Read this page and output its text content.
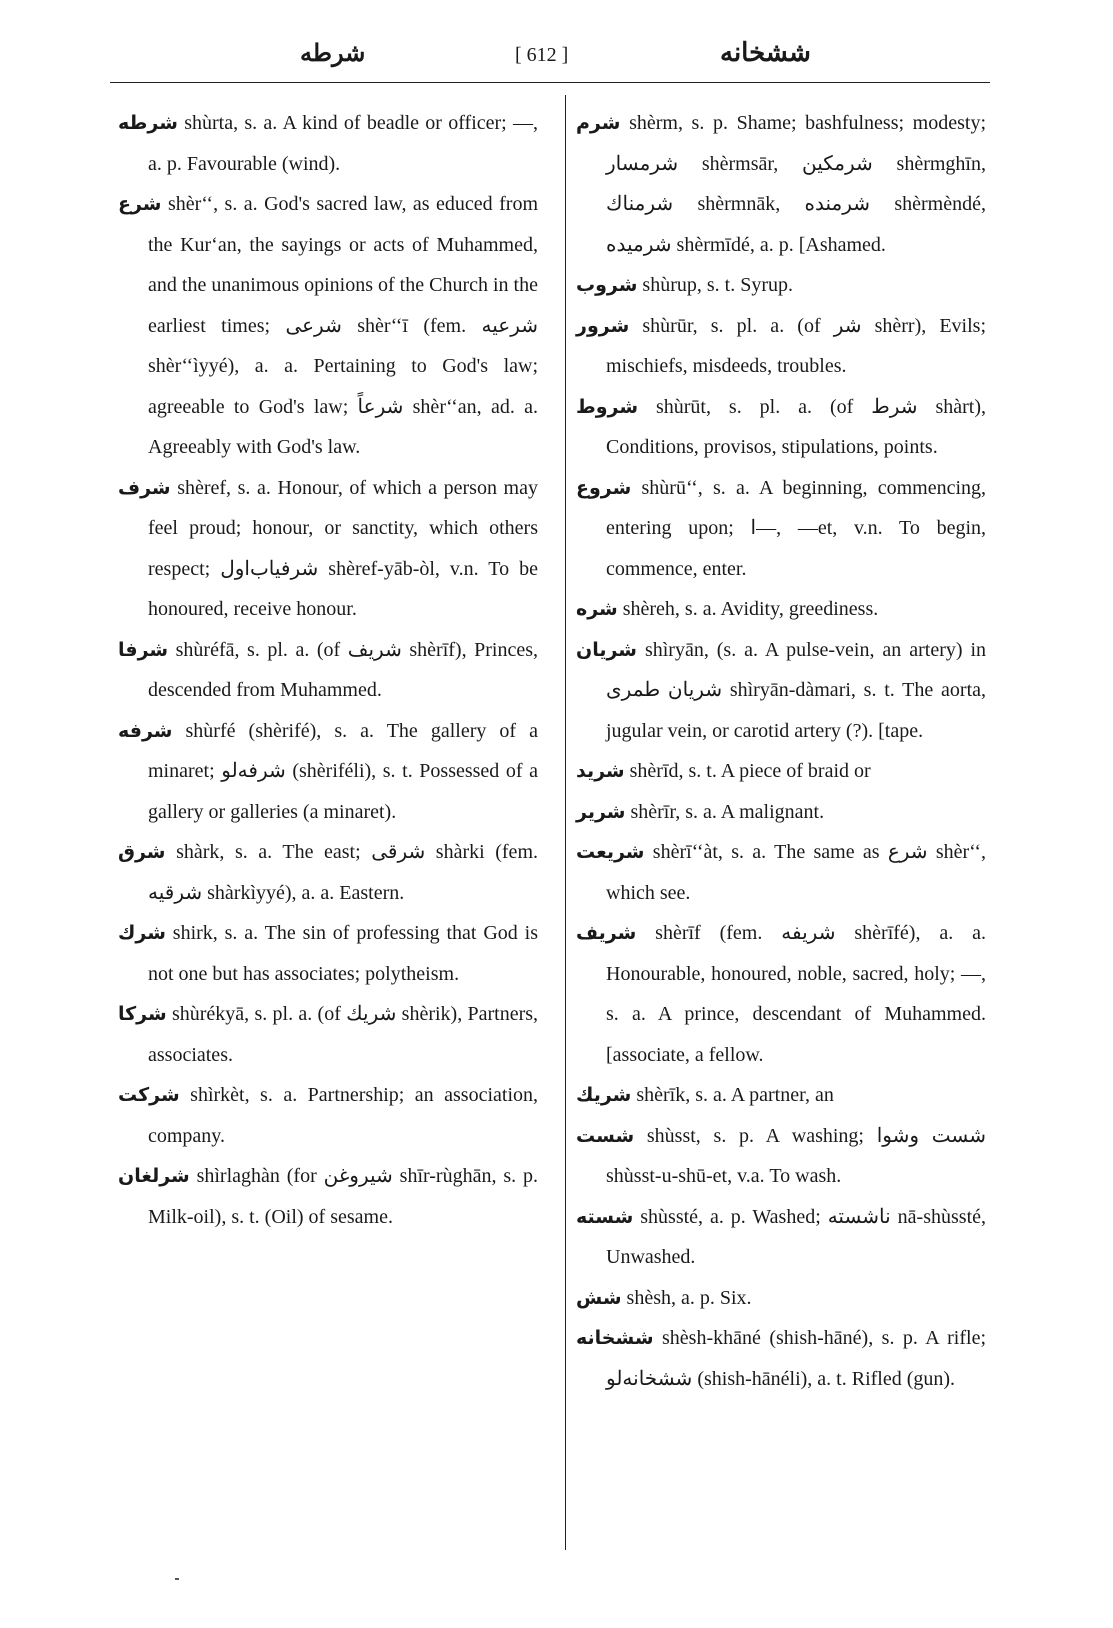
شرطه	[ 612 ]	ششخانه

شرطه shùrta, s. a. A kind of beadle or officer; —, a. p. Favourable (wind).

شرع shèr‘‘, s. a. God's sacred law, as educed from the Kur‘an, the sayings or acts of Muhammed, and the unanimous opinions of the Church in the earliest times; شرعى shèr‘‘ī (fem. شرعيه shèr‘‘ìyyé), a. a. Pertaining to God's law; agreeable to God's law; شرعاً shèr‘‘an, ad. a. Agreeably with God's law.

شرف shèref, s. a. Honour, of which a person may feel proud; honour, or sanctity, which others respect; شرفياب‌اول shèref-yāb-òl, v.n. To be honoured, receive honour.

شرفا shùréfā, s. pl. a. (of شريف shèrīf), Princes, descended from Muhammed.

شرفه shùrfé (shèrifé), s. a. The gallery of a minaret; شرفه‌لو (shèriféli), s. t. Possessed of a gallery or galleries (a minaret).

شرق shàrk, s. a. The east; شرقى shàrki (fem. شرقيه shàrkìyyé), a. a. Eastern.

شرك shirk, s. a. The sin of professing that God is not one but has associates; polytheism.

شركا shùrékyā, s. pl. a. (of شريك shèrik), Partners, associates.

شركت shìrkèt, s. a. Partnership; an association, company.

شرلغان shìrlaghàn (for شيروغن shīr-rùghān, s. p. Milk-oil), s. t. (Oil) of sesame.

شرم shèrm, s. p. Shame; bashfulness; modesty; شرمسار shèrmsār, شرمكين shèrmghīn, شرمناك shèrmnāk, شرمنده shèrmèndé, شرميده shèrmīdé, a. p. [Ashamed.

شروب shùrup, s. t. Syrup.

شرور shùrūr, s. pl. a. (of شر shèrr), Evils; mischiefs, misdeeds, troubles.

شروط shùrūt, s. pl. a. (of شرط shàrt), Conditions, provisos, stipulations, points.

شروع shùrū‘‘, s. a. A beginning, commencing, entering upon; ا—, —et, v.n. To begin, commence, enter.

شره shèreh, s. a. Avidity, greediness.

شريان shìryān, (s. a. A pulse-vein, an artery) in شريان طمرى shìryān-dàmari, s. t. The aorta, jugular vein, or carotid artery (?). [tape.

شريد shèrīd, s. t. A piece of braid or

شرير shèrīr, s. a. A malignant.

شريعت shèrī‘‘àt, s. a. The same as شرع shèr‘‘, which see.

شريف shèrīf (fem. شريفه shèrīfé), a. a. Honourable, honoured, noble, sacred, holy; —, s. a. A prince, descendant of Muhammed. [associate, a fellow.

شريك shèrīk, s. a. A partner, an

شست shùsst, s. p. A washing; شست وشوا shùsst-u-shū-et, v.a. To wash.

شسته shùssté, a. p. Washed; ناشسته nā-shùssté, Unwashed.

شش shèsh, a. p. Six.

ششخانه shèsh-khāné (shish-hāné), s. p. A rifle; ششخانه‌لو (shish-hānéli), a. t. Rifled (gun).
